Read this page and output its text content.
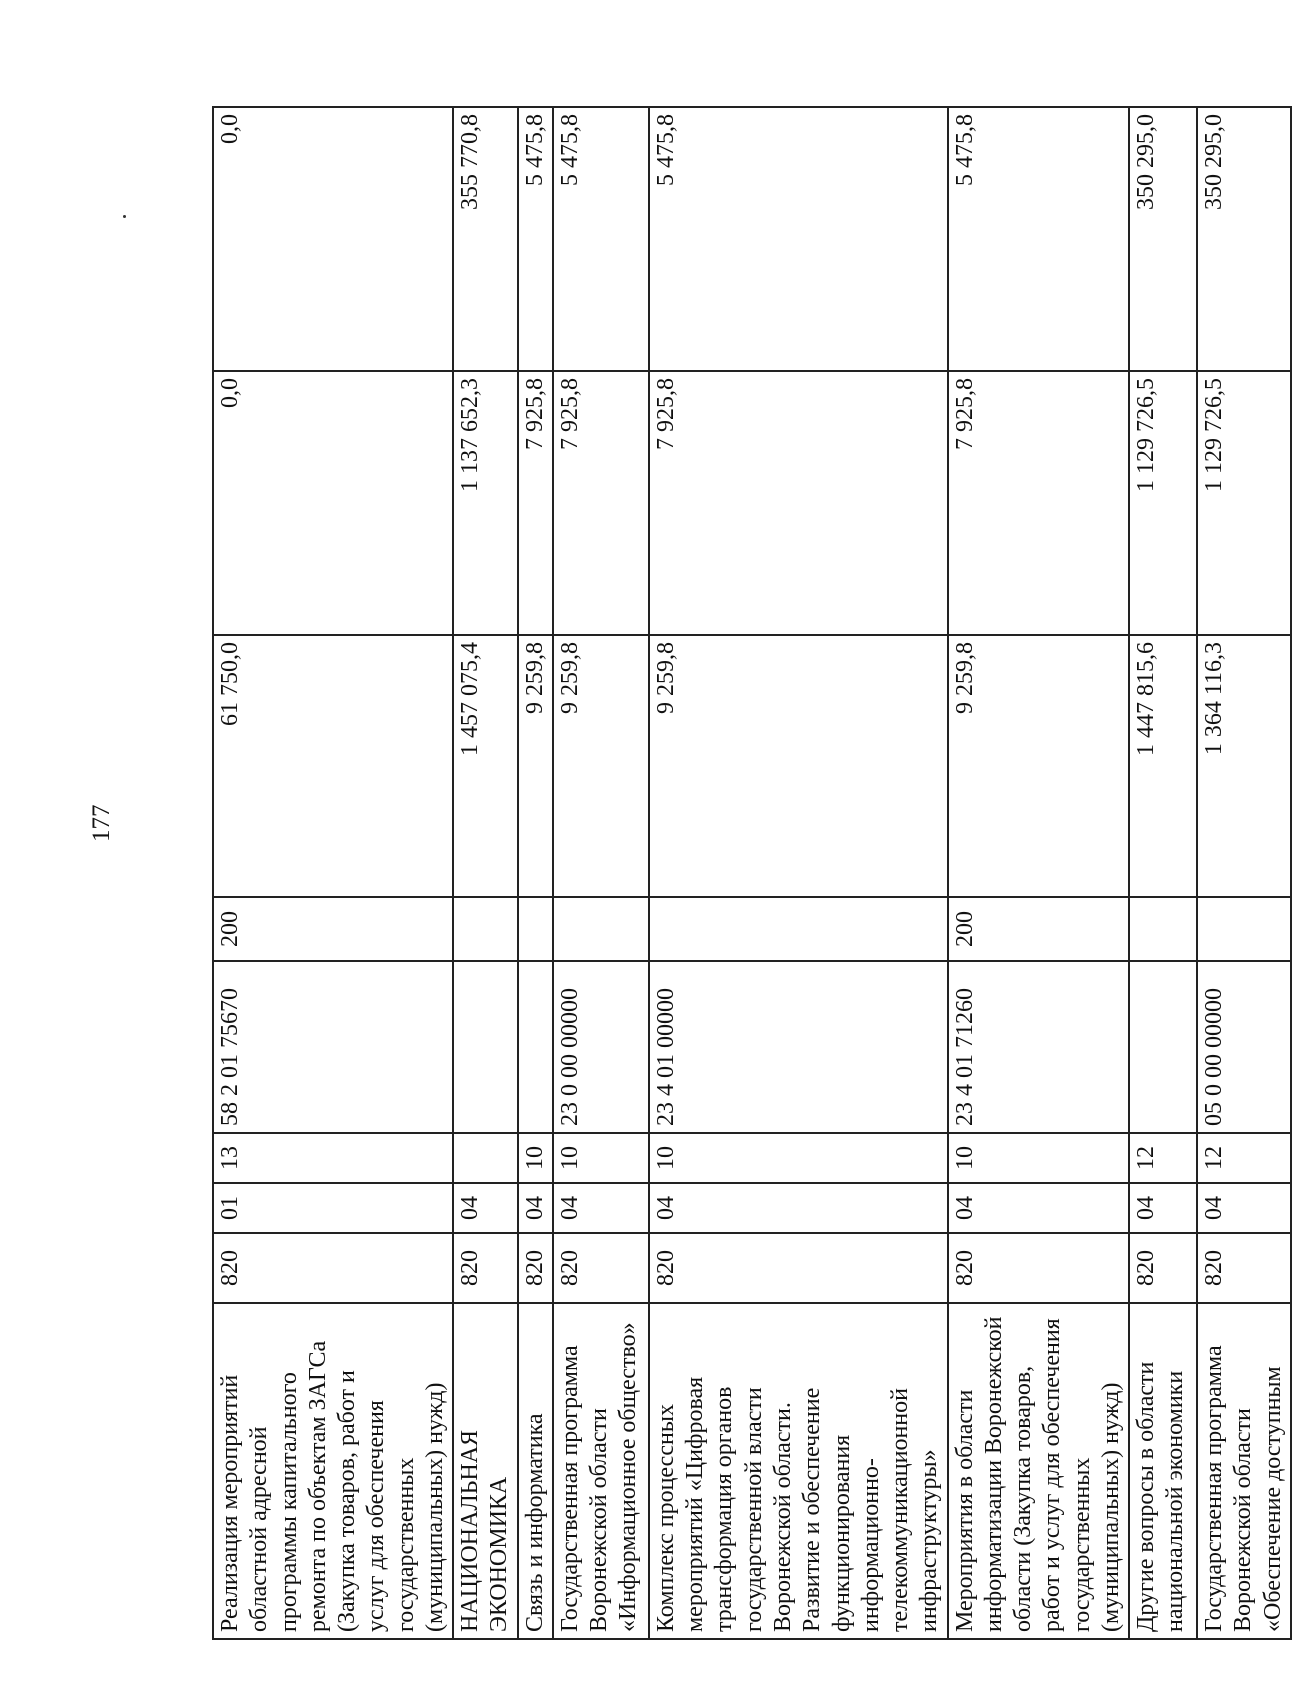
177
Реализация мероприятий областной адресной программы капитального ремонта по объектам ЗАГСа (Закупка товаров, работ и услуг для обеспечения государственных (муниципальных) нужд)	820	01	13	58 2 01 75670	200	61 750,0	0,0	0,0
НАЦИОНАЛЬНАЯ ЭКОНОМИКА	820	04				1 457 075,4	1 137 652,3	355 770,8
Связь и информатика	820	04	10			9 259,8	7 925,8	5 475,8
Государственная программа Воронежской области «Информационное общество»	820	04	10	23 0 00 00000		9 259,8	7 925,8	5 475,8
Комплекс процессных мероприятий «Цифровая трансформация органов государственной власти Воронежской области. Развитие и обеспечение функционирования информационно-телекоммуникационной инфраструктуры»	820	04	10	23 4 01 00000		9 259,8	7 925,8	5 475,8
Мероприятия в области информатизации Воронежской области (Закупка товаров, работ и услуг для обеспечения государственных (муниципальных) нужд)	820	04	10	23 4 01 71260	200	9 259,8	7 925,8	5 475,8
Другие вопросы в области национальной экономики	820	04	12			1 447 815,6	1 129 726,5	350 295,0
Государственная программа Воронежской области «Обеспечение доступным	820	04	12	05 0 00 00000		1 364 116,3	1 129 726,5	350 295,0
